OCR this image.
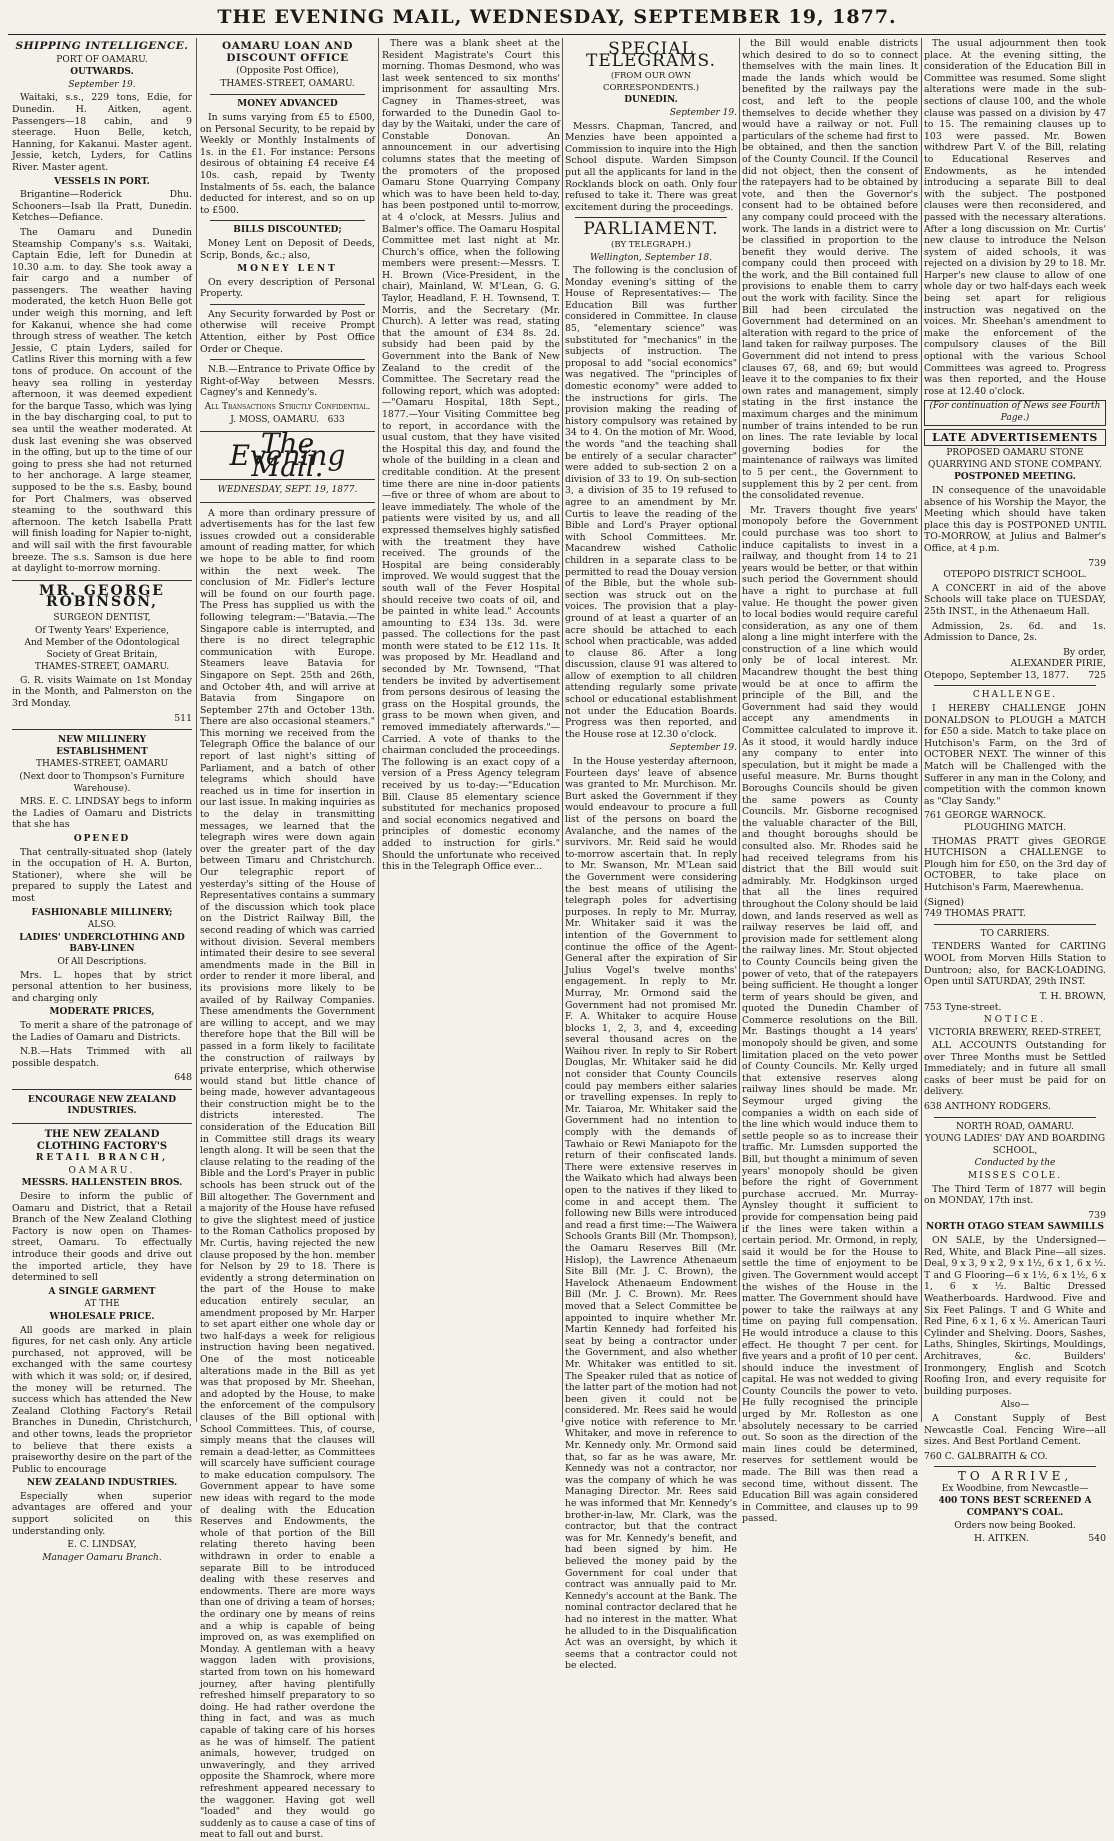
THE EVENING MAIL, WEDNESDAY, SEPTEMBER 19, 1877.
SHIPPING INTELLIGENCE.
PORT OF OAMARU.
OUTWARDS.
September 19.

Waitaki, s.s., 229 tons, Edie, for Dunedin. H. Aitken, agent. Passengers—18 cabin, and 9 steerage. Huon Belle, ketch, Hanning, for Kakanui. Master agent. Jessie, ketch, Lyders, for Catlins River. Master agent.

VESSELS IN PORT.

Brigantine—Roderick Dhu. Schooners—Isab lla Pratt, Dunedin. Ketches—Defiance.

The Oamaru and Dunedin Steamship Company's s.s. Waitaki, Captain Edie, left for Dunedin at 10.30 a.m. to day. She took away a fair cargo and a number of passengers. The weather having moderated, the ketch Huon Belle got under weigh this morning, and left for Kakanui, whence she had come through stress of weather. The ketch Jessie, C ptain Lyders, sailed for Catlins River this morning with a few tons of produce. On account of the heavy sea rolling in yesterday afternoon, it was deemed expedient for the barque Tasso, which was lying in the bay discharging coal, to put to sea until the weather moderated. At dusk last evening she was observed in the offing, but up to the time of our going to press she had not returned to her anchorage. A large steamer, supposed to be the s.s. Easby, bound for Port Chalmers, was observed steaming to the southward this afternoon. The ketch Isabella Pratt will finish loading for Napier to-night, and will sail with the first favourable breeze. The s.s. Samson is due here at daylight to-morrow morning.

MR. GEORGE ROBINSON,
SURGEON DENTIST,
Of Twenty Years' Experience,
And Member of the Odontological Society of Great Britain,
THAMES-STREET, OAMARU.

G. R. visits Waimate on 1st Monday in the Month, and Palmerston on the 3rd Monday.

511
NEW MILLINERY ESTABLISHMENT
THAMES-STREET, OAMARU
(Next door to Thompson's Furniture Warehouse).

MRS. E. C. LINDSAY begs to inform the Ladies of Oamaru and Districts that she has

OPENED

That centrally-situated shop (lately in the occupation of H. A. Burton, Stationer), where she will be prepared to supply the Latest and most

FASHIONABLE MILLINERY;
ALSO.
LADIES' UNDERCLOTHING AND BABY-LINEN
Of All Descriptions.

Mrs. L. hopes that by strict personal attention to her business, and charging only

MODERATE PRICES,

To merit a share of the patronage of the Ladies of Oamaru and Districts.

N.B.—Hats Trimmed with all possible despatch.

648
ENCOURAGE NEW ZEALAND INDUSTRIES.
THE NEW ZEALAND CLOTHING FACTORY'S
RETAIL BRANCH,
OAMARU.
MESSRS. HALLENSTEIN BROS.

Desire to inform the public of Oamaru and District, that a Retail Branch of the New Zealand Clothing Factory is now open on Thames-street, Oamaru. To effectually introduce their goods and drive out the imported article, they have determined to sell

A SINGLE GARMENT
AT THE
WHOLESALE PRICE.

All goods are marked in plain figures, for net cash only. Any article purchased, not approved, will be exchanged with the same courtesy with which it was sold; or, if desired, the money will be returned. The success which has attended the New Zealand Clothing Factory's Retail Branches in Dunedin, Christchurch, and other towns, leads the proprietor to believe that there exists a praiseworthy desire on the part of the Public to encourage

NEW ZEALAND INDUSTRIES.

Especially when superior advantages are offered and your support solicited on this understanding only.

E. C. LINDSAY,
Manager Oamaru Branch.
OAMARU LOAN AND DISCOUNT OFFICE
(Opposite Post Office),
THAMES-STREET, OAMARU.
MONEY ADVANCED

In sums varying from £5 to £500, on Personal Security, to be repaid by Weekly or Monthly Instalments of 1s. in the £1. For instance: Persons desirous of obtaining £4 receive £4 10s. cash, repaid by Twenty Instalments of 5s. each, the balance deducted for interest, and so on up to £500.

BILLS DISCOUNTED;

Money Lent on Deposit of Deeds, Scrip, Bonds, &c.; also,

MONEY LENT

On every description of Personal Property.

Any Security forwarded by Post or otherwise will receive Prompt Attention, either by Post Office Order or Cheque.

N.B.—Entrance to Private Office by Right-of-Way between Messrs. Cagney's and Kennedy's.

All Transactions Strictly Confidential.
J. MOSS, OAMARU. 633
The Evening Mail.
WEDNESDAY, SEPT. 19, 1877.

A more than ordinary pressure of advertisements has for the last few issues crowded out a considerable amount of reading matter, for which we hope to be able to find room within the next week. The conclusion of Mr. Fidler's lecture will be found on our fourth page. The Press has supplied us with the following telegram:—"Batavia.—The Singapore cable is interrupted, and there is no direct telegraphic communication with Europe. Steamers leave Batavia for Singapore on Sept. 25th and 26th, and October 4th, and will arrive at Batavia from Singapore on September 27th and October 13th. There are also occasional steamers." This morning we received from the Telegraph Office the balance of our report of last night's sitting of Parliament, and a batch of other telegrams which should have reached us in time for insertion in our last issue. In making inquiries as to the delay in transmitting messages, we learned that the telegraph wires were down again over the greater part of the day between Timaru and Christchurch. Our telegraphic report of yesterday's sitting of the House of Representatives contains a summary of the discussion which took place on the District Railway Bill, the second reading of which was carried without division. Several members intimated their desire to see several amendments made in the Bill in order to render it more liberal, and its provisions more likely to be availed of by Railway Companies. These amendments the Government are willing to accept, and we may therefore hope that the Bill will be passed in a form likely to facilitate the construction of railways by private enterprise, which otherwise would stand but little chance of being made, however advantageous their construction might be to the districts interested. The consideration of the Education Bill in Committee still drags its weary length along. It will be seen that the clause relating to the reading of the Bible and the Lord's Prayer in public schools has been struck out of the Bill altogether. The Government and a majority of the House have refused to give the slightest meed of justice to the Roman Catholics proposed by Mr. Curtis, having rejected the new clause proposed by the hon. member for Nelson by 29 to 18. There is evidently a strong determination on the part of the House to make education entirely secular, an amendment proposed by Mr. Harper to set apart either one whole day or two half-days a week for religious instruction having been negatived. One of the most noticeable alterations made in the Bill as yet was that proposed by Mr. Sheehan, and adopted by the House, to make the enforcement of the compulsory clauses of the Bill optional with School Committees. This, of course, simply means that the clauses will remain a dead-letter, as Committees will scarcely have sufficient courage to make education compulsory. The Government appear to have some new ideas with regard to the mode of dealing with the Education Reserves and Endowments, the whole of that portion of the Bill relating thereto having been withdrawn in order to enable a separate Bill to be introduced dealing with these reserves and endowments. There are more ways than one of driving a team of horses; the ordinary one by means of reins and a whip is capable of being improved on, as was exemplified on Monday. A gentleman with a heavy waggon laden with provisions, started from town on his homeward journey, after having plentifully refreshed himself preparatory to so doing. He had rather overdone the thing in fact, and was as much capable of taking care of his horses as he was of himself. The patient animals, however, trudged on unwaveringly, and they arrived opposite the Shamrock, where more refreshment appeared necessary to the waggoner. Having got well "loaded" and they would go suddenly as to cause a case of tins of meat to fall out and burst.

There was a blank sheet at the Resident Magistrate's Court this morning. Thomas Desmond, who was last week sentenced to six months' imprisonment for assaulting Mrs. Cagney in Thames-street, was forwarded to the Dunedin Gaol to-day by the Waitaki, under the care of Constable Donovan. An announcement in our advertising columns states that the meeting of the promoters of the proposed Oamaru Stone Quarrying Company which was to have been held to-day, has been postponed until to-morrow, at 4 o'clock, at Messrs. Julius and Balmer's office. The Oamaru Hospital Committee met last night at Mr. Church's office, when the following members were present:—Messrs. T. H. Brown (Vice-President, in the chair), Mainland, W. M'Lean, G. G. Taylor, Headland, F. H. Townsend, T. Morris, and the Secretary (Mr. Church). A letter was read, stating that the amount of £34 8s. 2d. subsidy had been paid by the Government into the Bank of New Zealand to the credit of the Committee. The Secretary read the following report, which was adopted:—"Oamaru Hospital, 18th Sept., 1877.—Your Visiting Committee beg to report, in accordance with the usual custom, that they have visited the Hospital this day, and found the whole of the building in a clean and creditable condition. At the present time there are nine in-door patients—five or three of whom are about to leave immediately. The whole of the patients were visited by us, and all expressed themselves highly satisfied with the treatment they have received. The grounds of the Hospital are being considerably improved. We would suggest that the south wall of the Fever Hospital should receive two coats of oil, and be painted in white lead." Accounts amounting to £34 13s. 3d. were passed. The collections for the past month were stated to be £12 11s. It was proposed by Mr. Headland and seconded by Mr. Townsend, "That tenders be invited by advertisement from persons desirous of leasing the grass on the Hospital grounds, the grass to be mown when given, and removed immediately afterwards."—Carried. A vote of thanks to the chairman concluded the proceedings. The following is an exact copy of a version of a Press Agency telegram received by us to-day:—"Education Bill. Clause 85 elementary science substituted for mechanics proposed and social economics negatived and principles of domestic economy added to instruction for girls." Should the unfortunate who received this in the Telegraph Office ever...

SPECIAL TELEGRAMS.
(FROM OUR OWN CORRESPONDENTS.)
DUNEDIN.
September 19.

Messrs. Chapman, Tancred, and Menzies have been appointed a Commission to inquire into the High School dispute. Warden Simpson put all the applicants for land in the Rocklands block on oath. Only four refused to take it. There was great excitement during the proceedings.

PARLIAMENT.
(BY TELEGRAPH.)
Wellington, September 18.

The following is the conclusion of Monday evening's sitting of the House of Representatives:— The Education Bill was further considered in Committee. In clause 85, "elementary science" was substituted for "mechanics" in the subjects of instruction. The proposal to add "social economics" was negatived. The "principles of domestic economy" were added to the instructions for girls. The provision making the reading of history compulsory was retained by 34 to 4. On the motion of Mr. Wood, the words "and the teaching shall be entirely of a secular character" were added to sub-section 2 on a division of 33 to 19. On sub-section 3, a division of 35 to 19 refused to agree to an amendment by Mr. Curtis to leave the reading of the Bible and Lord's Prayer optional with School Committees. Mr. Macandrew wished Catholic children in a separate class to be permitted to read the Douay version of the Bible, but the whole sub-section was struck out on the voices. The provision that a play-ground of at least a quarter of an acre should be attached to each school when practicable, was added to clause 86. After a long discussion, clause 91 was altered to allow of exemption to all children attending regularly some private school or educational establishment not under the Education Boards. Progress was then reported, and the House rose at 12.30 o'clock.

September 19.

In the House yesterday afternoon, Fourteen days' leave of absence was granted to Mr. Murchison. Mr. Burt asked the Government if they would endeavour to procure a full list of the persons on board the Avalanche, and the names of the survivors. Mr. Reid said he would to-morrow ascertain that. In reply to Mr. Swanson, Mr. M'Lean said the Government were considering the best means of utilising the telegraph poles for advertising purposes. In reply to Mr. Murray, Mr. Whitaker said it was the intention of the Government to continue the office of the Agent-General after the expiration of Sir Julius Vogel's twelve months' engagement. In reply to Mr. Murray, Mr. Ormond said the Government had not promised Mr. F. A. Whitaker to acquire House blocks 1, 2, 3, and 4, exceeding several thousand acres on the Waihou river. In reply to Sir Robert Douglas, Mr. Whitaker said he did not consider that County Councils could pay members either salaries or travelling expenses. In reply to Mr. Taiaroa, Mr. Whitaker said the Government had no intention to comply with the demands of Tawhaio or Rewi Maniapoto for the return of their confiscated lands. There were extensive reserves in the Waikato which had always been open to the natives if they liked to come in and accept them. The following new Bills were introduced and read a first time:—The Waiwera Schools Grants Bill (Mr. Thompson), the Oamaru Reserves Bill (Mr. Hislop), the Lawrence Athenaeum Site Bill (Mr. J. C. Brown), the Havelock Athenaeum Endowment Bill (Mr. J. C. Brown). Mr. Rees moved that a Select Committee be appointed to inquire whether Mr. Martin Kennedy had forfeited his seat by being a contractor under the Government, and also whether Mr. Whitaker was entitled to sit. The Speaker ruled that as notice of the latter part of the motion had not been given it could not be considered. Mr. Rees said he would give notice with reference to Mr. Whitaker, and move in reference to Mr. Kennedy only. Mr. Ormond said that, so far as he was aware, Mr. Kennedy was not a contractor, nor was the company of which he was Managing Director. Mr. Rees said he was informed that Mr. Kennedy's brother-in-law, Mr. Clark, was the contractor, but that the contract was for Mr. Kennedy's benefit, and had been signed by him. He believed the money paid by the Government for coal under that contract was annually paid to Mr. Kennedy's account at the Bank. The nominal contractor declared that he had no interest in the matter. What he alluded to in the Disqualification Act was an oversight, by which it seems that a contractor could not be elected.

the Bill would enable districts which desired to do so to connect themselves with the main lines. It made the lands which would be benefited by the railways pay the cost, and left to the people themselves to decide whether they would have a railway or not. Full particulars of the scheme had first to be obtained, and then the sanction of the County Council. If the Council did not object, then the consent of the ratepayers had to be obtained by vote, and then the Governor's consent had to be obtained before any company could proceed with the work. The lands in a district were to be classified in proportion to the benefit they would derive. The company could then proceed with the work, and the Bill contained full provisions to enable them to carry out the work with facility. Since the Bill had been circulated the Government had determined on an alteration with regard to the price of land taken for railway purposes. The Government did not intend to press clauses 67, 68, and 69; but would leave it to the companies to fix their own rates and management, simply stating in the first instance the maximum charges and the minimum number of trains intended to be run on lines. The rate leviable by local governing bodies for the maintenance of railways was limited to 5 per cent., the Government to supplement this by 2 per cent. from the consolidated revenue.

Mr. Travers thought five years' monopoly before the Government could purchase was too short to induce capitalists to invest in a railway, and thought from 14 to 21 years would be better, or that within such period the Government should have a right to purchase at full value. He thought the power given to local bodies would require careful consideration, as any one of them along a line might interfere with the construction of a line which would only be of local interest. Mr. Macandrew thought the best thing would be at once to affirm the principle of the Bill, and the Government had said they would accept any amendments in Committee calculated to improve it. As it stood, it would hardly induce any company to enter into speculation, but it might be made a useful measure. Mr. Burns thought Boroughs Councils should be given the same powers as County Councils. Mr. Gisborne recognised the valuable character of the Bill, and thought boroughs should be consulted also. Mr. Rhodes said he had received telegrams from his district that the Bill would suit admirably. Mr. Hodgkinson urged that all the lines required throughout the Colony should be laid down, and lands reserved as well as railway reserves be laid off, and provision made for settlement along the railway lines. Mr. Stout objected to County Councils being given the power of veto, that of the ratepayers being sufficient. He thought a longer term of years should be given, and quoted the Dunedin Chamber of Commerce resolutions on the Bill. Mr. Bastings thought a 14 years' monopoly should be given, and some limitation placed on the veto power of County Councils. Mr. Kelly urged that extensive reserves along railway lines should be made. Mr. Seymour urged giving the companies a width on each side of the line which would induce them to settle people so as to increase their traffic. Mr. Lumsden supported the Bill, but thought a minimum of seven years' monopoly should be given before the right of Government purchase accrued. Mr. Murray-Aynsley thought it sufficient to provide for compensation being paid if the lines were taken within a certain period. Mr. Ormond, in reply, said it would be for the House to settle the time of enjoyment to be given. The Government would accept the wishes of the House in the matter. The Government should have power to take the railways at any time on paying full compensation. He would introduce a clause to this effect. He thought 7 per cent. for five years and a profit of 10 per cent. should induce the investment of capital. He was not wedded to giving County Councils the power to veto. He fully recognised the principle urged by Mr. Rolleston as one absolutely necessary to be carried out. So soon as the direction of the main lines could be determined, reserves for settlement would be made. The Bill was then read a second time, without dissent. The Education Bill was again considered in Committee, and clauses up to 99 passed.

The usual adjournment then took place. At the evening sitting, the consideration of the Education Bill in Committee was resumed. Some slight alterations were made in the sub-sections of clause 100, and the whole clause was passed on a division by 47 to 15. The remaining clauses up to 103 were passed. Mr. Bowen withdrew Part V. of the Bill, relating to Educational Reserves and Endowments, as he intended introducing a separate Bill to deal with the subject. The postponed clauses were then reconsidered, and passed with the necessary alterations. After a long discussion on Mr. Curtis' new clause to introduce the Nelson system of aided schools, it was rejected on a division by 29 to 18. Mr. Harper's new clause to allow of one whole day or two half-days each week being set apart for religious instruction was negatived on the voices. Mr. Sheehan's amendment to make the enforcement of the compulsory clauses of the Bill optional with the various School Committees was agreed to. Progress was then reported, and the House rose at 12.40 o'clock.

(For continuation of News see Fourth Page.)
LATE ADVERTISEMENTS
PROPOSED OAMARU STONE QUARRYING AND STONE COMPANY.
POSTPONED MEETING.

IN consequence of the unavoidable absence of his Worship the Mayor, the Meeting which should have taken place this day is POSTPONED UNTIL TO-MORROW, at Julius and Balmer's Office, at 4 p.m.

739
OTEPOPO DISTRICT SCHOOL.

A CONCERT in aid of the above Schools will take place on TUESDAY, 25th INST., in the Athenaeum Hall.

Admission, 2s. 6d. and 1s. Admission to Dance, 2s.

By order,
ALEXANDER PIRIE,
Otepopo, September 13, 1877. 725
CHALLENGE.

I HEREBY CHALLENGE JOHN DONALDSON to PLOUGH a MATCH for £50 a side. Match to take place on Hutchison's Farm, on the 3rd of OCTOBER NEXT. The winner of this Match will be Challenged with the Sufferer in any man in the Colony, and competition with the common known as "Clay Sandy."

761 GEORGE WARNOCK.
PLOUGHING MATCH.

THOMAS PRATT gives GEORGE HUTCHISON a CHALLENGE to Plough him for £50, on the 3rd day of OCTOBER, to take place on Hutchison's Farm, Maerewhenua.

(Signed)
749 THOMAS PRATT.
TO CARRIERS.

TENDERS Wanted for CARTING WOOL from Morven Hills Station to Duntroon; also, for BACK-LOADING. Open until SATURDAY, 29th INST.

T. H. BROWN,
753 Tyne-street.
NOTICE.
VICTORIA BREWERY, REED-STREET,

ALL ACCOUNTS Outstanding for over Three Months must be Settled Immediately; and in future all small casks of beer must be paid for on delivery.

638 ANTHONY RODGERS.
NORTH ROAD, OAMARU.
YOUNG LADIES' DAY AND BOARDING SCHOOL,
Conducted by the
MISSES COLE.

The Third Term of 1877 will begin on MONDAY, 17th inst.

739
NORTH OTAGO STEAM SAWMILLS

ON SALE, by the Undersigned— Red, White, and Black Pine—all sizes. Deal, 9 x 3, 9 x 2, 9 x 1½, 6 x 1, 6 x ½. T and G Flooring—6 x 1½, 6 x 1½, 6 x 1, 6 x ½. Baltic Dressed Weatherboards. Hardwood. Five and Six Feet Palings. T and G White and Red Pine, 6 x 1, 6 x ½. American Tauri Cylinder and Shelving. Doors, Sashes, Laths, Shingles, Skirtings, Mouldings, Architraves, &c. Builders' Ironmongery, English and Scotch Roofing Iron, and every requisite for building purposes.

Also—

A Constant Supply of Best Newcastle Coal. Fencing Wire—all sizes. And Best Portland Cement.

760 C. GALBRAITH & CO.
TO ARRIVE,
Ex Woodbine, from Newcastle—
400 TONS BEST SCREENED A COMPANY'S COAL.
Orders now being Booked.
H. AITKEN.	540
